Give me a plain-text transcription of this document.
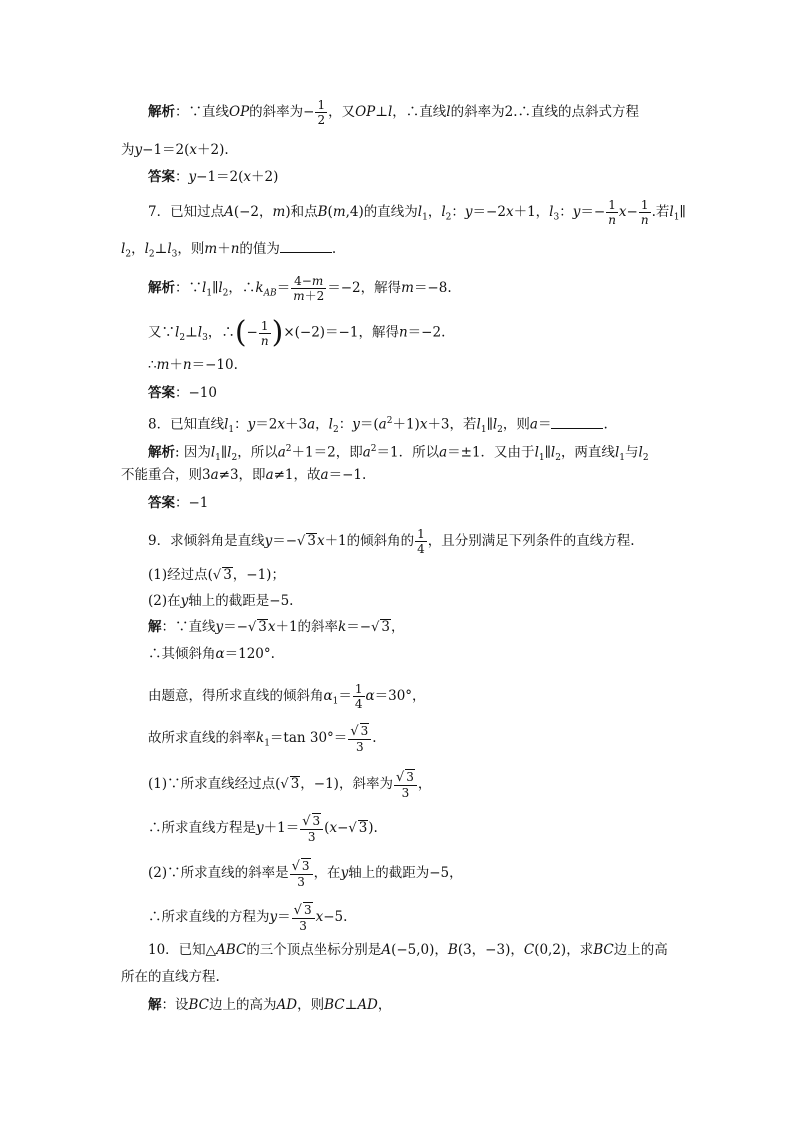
解析：∵直线OP的斜率为− $\frac{1}{2}$ ，又OP⊥l，∴直线l的斜率为2.∴直线的点斜式方程
为y−1＝2(x＋2).
答案：y−1＝2(x＋2)
7．已知过点A(−2，m)和点B(m,4)的直线为$l_1$，$l_2$：y＝−2x＋1，$l_3$：$y=- \frac{1}{n} x- \frac{1}{n}$ .若$l_1\parallel$
$l_2$，$l_2\perp l_3$，则m＋n的值为	.
解析：$\because l_1\parallel l_2$，$\therefore k_{AB}= \frac{4-m}{m+2} =-2$，解得m＝−8.
又$\because l_2\perp l_3$，∴(− $\frac{1}{n} )\times(-2)=-1$，解得n＝−2.
∴m＋n＝−10.
答案：−10
8．已知直线$l_1$：y＝2x＋3a，$l_2$：$y=(a^2+1)x+3$，若$l_1\parallel l_2$，则a＝	.
解析: 因为$l_1\parallel l_2$，所以$a^2+1=2$，即$a^2=1$．所以a＝±1．又由于$l_1\parallel l_2$，两直线$l_1$与$l_2$
不能重合，则3a≠3，即a≠1，故a＝−1.
答案：−1
9．求倾斜角是直线y＝−√ 3x＋1的倾斜角的 $\frac{1}{4}$ ，且分别满足下列条件的直线方程.
(1)经过点(√ 3，−1)；
(2)在y轴上的截距是−5.
解：∵直线y＝−√ 3x＋1的斜率k＝−√ 3，
∴其倾斜角α＝120°.
由题意，得所求直线的倾斜角$\alpha_1= \frac{1}{4} \alpha=30^\circ$，
故所求直线的斜率$k_1=\tan$ $30^\circ= \frac{√ 3}{3}$ .
(1)∵所求直线经过点(√ 3，−1)，斜率为 $\frac{√ 3}{3}$ ，
∴所求直线方程是$y+1= \frac{√ 3}{3} (x-√$ 3).
(2)∵所求直线的斜率是 $\frac{√ 3}{3}$ ，在y轴上的截距为−5，
∴所求直线的方程为$y= \frac{√ 3}{3} x-5$.
10．已知△ABC的三个顶点坐标分别是A(−5,0)，B(3，−3)，C(0,2)，求BC边上的高
所在的直线方程.
解：设BC边上的高为AD，则BC⊥AD，
